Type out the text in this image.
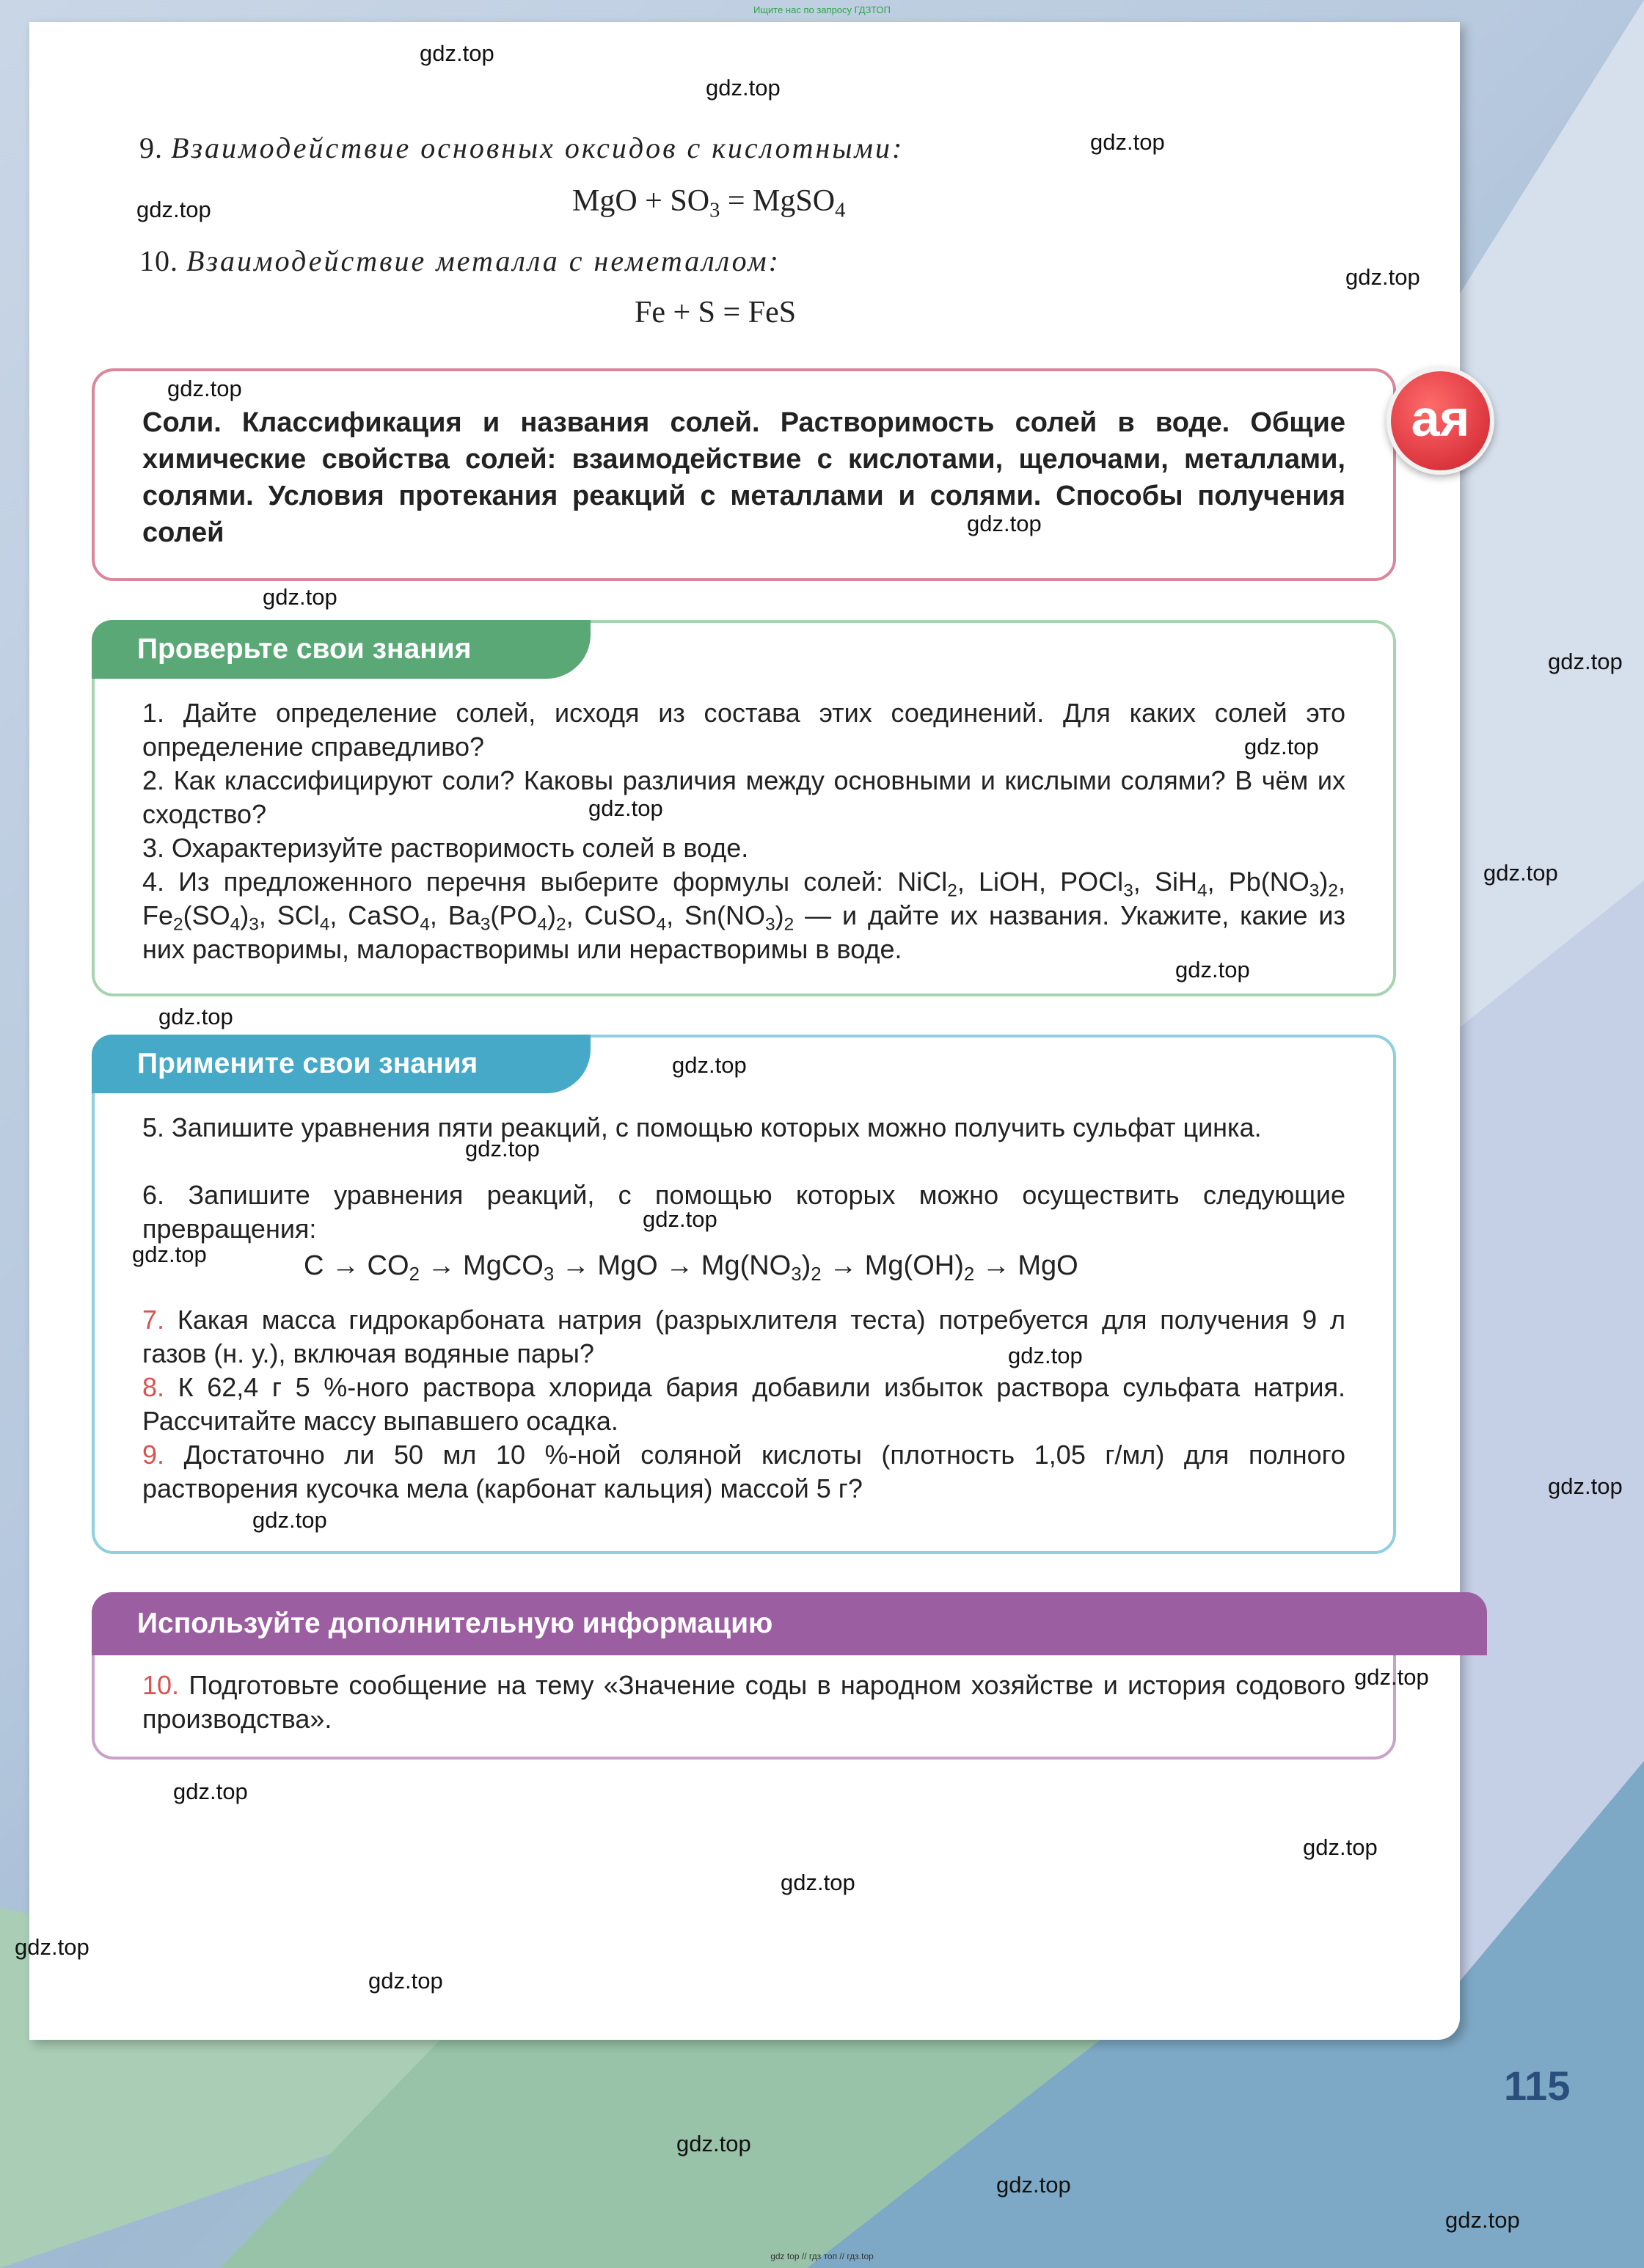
Ищите нас по запросу ГДЗТОП
9. Взаимодействие основных оксидов с кислотными:
MgO + $SO_3$ = MgSO$_4$
10. Взаимодействие металла с неметаллом:
Fe + S = FeS

Соли. Классификация и названия солей. Растворимость солей в воде. Общие химические свойства солей: взаимодействие с кислотами, щелочами, металлами, солями. Условия протекания реакций с металлами и солями. Способы получения солей

ая
Проверьте свои знания

1. Дайте определение солей, исходя из состава этих соединений. Для каких солей это определение справедливо?

2. Как классифицируют соли? Каковы различия между основными и кислыми солями? В чём их сходство?

3. Охарактеризуйте растворимость солей в воде.

4. Из предложенного перечня выберите формулы солей: NiCl$_2$, LiOH, POCl$_3$, SiH$_4$, $Pb(NO_3)_2$, $Fe_2(SO_4)_3$, SCl$_4$, CaSO$_4$, $Ba_3(PO_4)_2$, CuSO$_4$, $Sn(NO_3)_2$ — и дайте их названия. Укажите, какие из них растворимы, малорастворимы или нерастворимы в воде.

Примените свои знания

5. Запишите уравнения пяти реакций, с помощью которых можно получить сульфат цинка.

6. Запишите уравнения реакций, с помощью которых можно осуществить следующие превращения:

$C \to CO_2$ → MgCO$_3$ → MgO → $Mg(NO_3)_2 \to Mg(OH)_2$ → MgO

7. Какая масса гидрокарбоната натрия (разрыхлителя теста) потребуется для получения 9 л газов (н. у.), включая водяные пары?

8. К 62,4 г 5 %-ного раствора хлорида бария добавили избыток раствора сульфата натрия. Рассчитайте массу выпавшего осадка.

9. Достаточно ли 50 мл 10 %-ной соляной кислоты (плотность 1,05 г/мл) для полного растворения кусочка мела (карбонат кальция) массой 5 г?

Используйте дополнительную информацию

10. Подготовьте сообщение на тему «Значение соды в народном хозяйстве и история содового производства».

115
gdz.top
gdz.top
gdz.top
gdz.top
gdz.top
gdz.top
gdz.top
gdz.top
gdz.top
gdz.top
gdz.top
gdz.top
gdz.top
gdz.top
gdz.top
gdz.top
gdz.top
gdz.top
gdz.top
gdz.top
gdz.top
gdz.top
gdz.top
gdz.top
gdz.top
gdz.top
gdz.top
gdz.top
gdz.top
gdz.top
gdz top // гдз топ // гдз.top
